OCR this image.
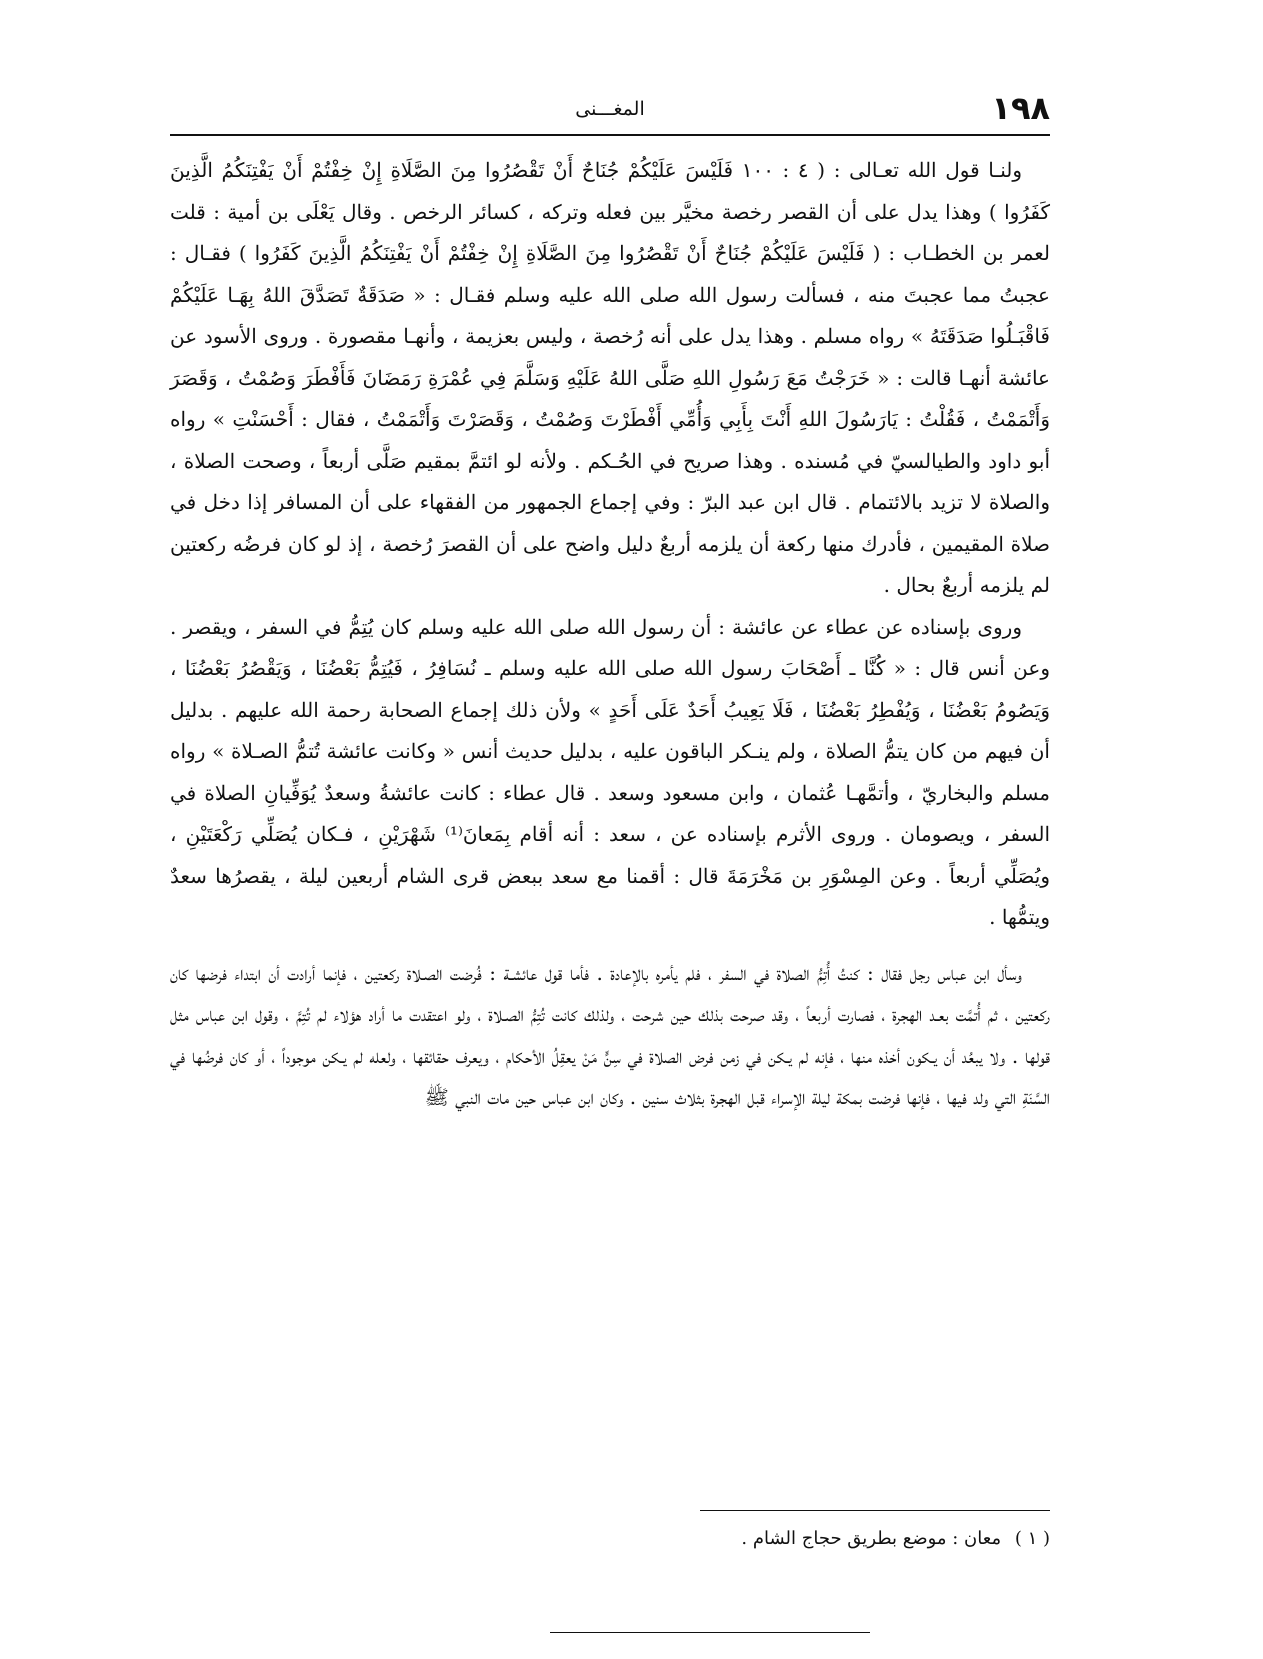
المغـــنى	١٩٨

ولنـا قول الله تعـالى : ( ٤ : ١٠٠ فَلَيْسَ عَلَيْكُمْ جُنَاحٌ أَنْ تَقْصُرُوا مِنَ الصَّلَاةِ إِنْ خِفْتُمْ أَنْ يَفْتِنَكُمُ الَّذِينَ كَفَرُوا ) وهذا يدل على أن القصر رخصة مخيَّر بين فعله وتركه ، كسائر الرخص . وقال يَعْلَى بن أمية : قلت لعمر بن الخطـاب : ( فَلَيْسَ عَلَيْكُمْ جُنَاحٌ أَنْ تَقْصُرُوا مِنَ الصَّلَاةِ إِنْ خِفْتُمْ أَنْ يَفْتِنَكُمُ الَّذِينَ كَفَرُوا ) فقـال : عجبتُ مما عجبتَ منه ، فسألت رسول الله صلى الله عليه وسلم فقـال : « صَدَقَةٌ تَصَدَّقَ اللهُ بِهَـا عَلَيْكُمْ فَاقْبَـلُوا صَدَقَتَهُ » رواه مسلم . وهذا يدل على أنه رُخصة ، وليس بعزيمة ، وأنهـا مقصورة . وروى الأسود عن عائشة أنهـا قالت : « خَرَجْتُ مَعَ رَسُولِ اللهِ صَلَّى اللهُ عَلَيْهِ وَسَلَّمَ فِي عُمْرَةِ رَمَضَانَ فَأَفْطَرَ وَصُمْتُ ، وَقَصَرَ وَأَتْمَمْتُ ، فَقُلْتُ : يَارَسُولَ اللهِ أَنْتَ بِأَبِي وَأُمِّي أَفْطَرْتَ وَصُمْتُ ، وَقَصَرْتَ وَأَتْمَمْتُ ، فقال : أَحْسَنْتِ » رواه أبو داود والطيالسيّ في مُسنده . وهذا صريح في الحُـكم . ولأنه لو ائتمَّ بمقيم صَلَّى أربعاً ، وصحت الصلاة ، والصلاة لا تزيد بالائتمام . قال ابن عبد البرّ : وفي إجماع الجمهور من الفقهاء على أن المسافر إذا دخل في صلاة المقيمين ، فأدرك منها ركعة أن يلزمه أربعٌ دليل واضح على أن القصرَ رُخصة ، إذ لو كان فرضُه ركعتين لم يلزمه أربعٌ بحال .

وروى بإسناده عن عطاء عن عائشة : أن رسول الله صلى الله عليه وسلم كان يُتِمُّ في السفر ، ويقصر . وعن أنس قال : « كُنَّا ـ أَصْحَابَ رسول الله صلى الله عليه وسلم ـ نُسَافِرُ ، فَيُتِمُّ بَعْضُنَا ، وَيَقْصُرُ بَعْضُنَا ، وَيَصُومُ بَعْضُنَا ، وَيُفْطِرُ بَعْضُنَا ، فَلَا يَعِيبُ أَحَدٌ عَلَى أَحَدٍ » ولأن ذلك إجماع الصحابة رحمة الله عليهم . بدليل أن فيهم من كان يتمُّ الصلاة ، ولم ينـكر الباقون عليه ، بدليل حديث أنس « وكانت عائشة تُتمُّ الصـلاة » رواه مسلم والبخاريّ ، وأتمَّهـا عُثمان ، وابن مسعود وسعد . قال عطاء : كانت عائشةُ وسعدٌ يُوَفِّيانِ الصلاة في السفر ، ويصومان . وروى الأثرم بإسناده عن ، سعد : أنه أقام بِمَعانَ⁽¹⁾ شَهْرَيْنِ ، فـكان يُصَلِّي رَكْعَتَيْنِ ، ويُصَلِّي أربعاً . وعن المِسْوَرِ بن مَخْرَمَةَ قال : أقمنا مع سعد ببعض قرى الشام أربعين ليلة ، يقصرُها سعدٌ ويتمُّها .

وسأل ابن عباس رجل فقال : كنتُ أُتِمُّ الصلاة في السفر ، فلم يأمره بالإعادة . فأما قول عائشـة : فُرضت الصـلاة ركعتين ، فإنما أرادت أن ابتداء فرضها كان ركعتين ، ثم أُتمَّت بعـد الهجرة ، فصارت أربعاً ، وقد صرحت بذلك حين شرحت ، ولذلك كانت تُتِمُّ الصـلاة ، ولو اعتقدت ما أراد هؤلاء لم تُتِمَّ ، وقول ابن عباس مثل قولها . ولا يبعُد أن يـكون أخذه منها ، فإنه لم يـكن في زمن فرض الصلاة في سِنٍّ مَنْ يعقِلُ الأحكام ، ويعرف حقائقها ، ولعله لم يـكن موجوداً ، أو كان فرضُها في السَّنَةِ التي ولد فيها ، فإنها فرضت بمكة ليلة الإسراء قبل الهجرة بثلاث سنين . وكان ابن عباس حين مات النبي ﷺ

( ١ ) معان : موضع بطريق حجاج الشام .
